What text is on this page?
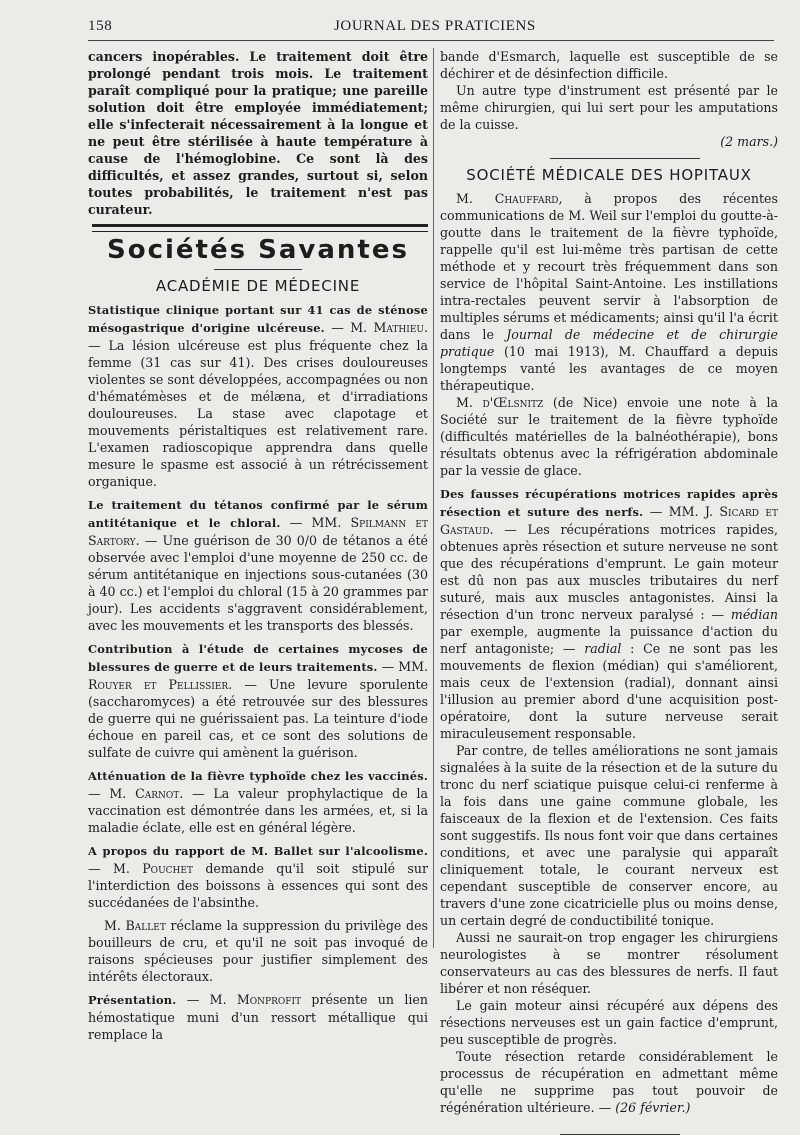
158	JOURNAL DES PRATICIENS

cancers inopérables. Le traitement doit être prolongé pendant trois mois. Le traitement paraît compliqué pour la pratique; une pareille solution doit être employée immédiatement; elle s'infecterait nécessairement à la longue et ne peut être stérilisée à haute température à cause de l'hémoglobine. Ce sont là des difficultés, et assez grandes, surtout si, selon toutes probabilités, le traitement n'est pas curateur.

Sociétés Savantes
ACADÉMIE DE MÉDECINE

Statistique clinique portant sur 41 cas de sténose mésogastrique d'origine ulcéreuse. — M. Mathieu. — La lésion ulcéreuse est plus fréquente chez la femme (31 cas sur 41). Des crises douloureuses violentes se sont développées, accompagnées ou non d'hématémèses et de mélæna, et d'irradiations douloureuses. La stase avec clapotage et mouvements péristaltiques est relativement rare. L'examen radioscopique apprendra dans quelle mesure le spasme est associé à un rétrécissement organique.

Le traitement du tétanos confirmé par le sérum antitétanique et le chloral. — MM. Spilmann et Sartory. — Une guérison de 30 0/0 de tétanos a été observée avec l'emploi d'une moyenne de 250 cc. de sérum antitétanique en injections sous-cutanées (30 à 40 cc.) et l'emploi du chloral (15 à 20 grammes par jour). Les accidents s'aggravent considérablement, avec les mouvements et les transports des blessés.

Contribution à l'étude de certaines mycoses de blessures de guerre et de leurs traitements. — MM. Rouyer et Pellissier. — Une levure sporulente (saccharomyces) a été retrouvée sur des blessures de guerre qui ne guérissaient pas. La teinture d'iode échoue en pareil cas, et ce sont des solutions de sulfate de cuivre qui amènent la guérison.

Atténuation de la fièvre typhoïde chez les vaccinés. — M. Carnot. — La valeur prophylactique de la vaccination est démontrée dans les armées, et, si la maladie éclate, elle est en général légère.

A propos du rapport de M. Ballet sur l'alcoolisme. — M. Pouchet demande qu'il soit stipulé sur l'interdiction des boissons à essences qui sont des succédanées de l'absinthe.

M. Ballet réclame la suppression du privilège des bouilleurs de cru, et qu'il ne soit pas invoqué de raisons spécieuses pour justifier simplement des intérêts électoraux.

Présentation. — M. Monprofit présente un lien hémostatique muni d'un ressort métallique qui remplace la

bande d'Esmarch, laquelle est susceptible de se déchirer et de désinfection difficile.

Un autre type d'instrument est présenté par le même chirurgien, qui lui sert pour les amputations de la cuisse.

(2 mars.)

SOCIÉTÉ MÉDICALE DES HOPITAUX

M. Chauffard, à propos des récentes communications de M. Weil sur l'emploi du goutte-à-goutte dans le traitement de la fièvre typhoïde, rappelle qu'il est lui-même très partisan de cette méthode et y recourt très fréquemment dans son service de l'hôpital Saint-Antoine. Les instillations intra-rectales peuvent servir à l'absorption de multiples sérums et médicaments; ainsi qu'il l'a écrit dans le Journal de médecine et de chirurgie pratique (10 mai 1913), M. Chauffard a depuis longtemps vanté les avantages de ce moyen thérapeutique.

M. d'Œlsnitz (de Nice) envoie une note à la Société sur le traitement de la fièvre typhoïde (difficultés matérielles de la balnéothérapie), bons résultats obtenus avec la réfrigération abdominale par la vessie de glace.

Des fausses récupérations motrices rapides après résection et suture des nerfs. — MM. J. Sicard et Gastaud. — Les récupérations motrices rapides, obtenues après résection et suture nerveuse ne sont que des récupérations d'emprunt. Le gain moteur est dû non pas aux muscles tributaires du nerf suturé, mais aux muscles antagonistes. Ainsi la résection d'un tronc nerveux paralysé : — médian par exemple, augmente la puissance d'action du nerf antagoniste; — radial : Ce ne sont pas les mouvements de flexion (médian) qui s'améliorent, mais ceux de l'extension (radial), donnant ainsi l'illusion au premier abord d'une acquisition post-opératoire, dont la suture nerveuse serait miraculeusement responsable.

Par contre, de telles améliorations ne sont jamais signalées à la suite de la résection et de la suture du tronc du nerf sciatique puisque celui-ci renferme à la fois dans une gaine commune globale, les faisceaux de la flexion et de l'extension. Ces faits sont suggestifs. Ils nous font voir que dans certaines conditions, et avec une paralysie qui apparaît cliniquement totale, le courant nerveux est cependant susceptible de conserver encore, au travers d'une zone cicatricielle plus ou moins dense, un certain degré de conductibilité tonique.

Aussi ne saurait-on trop engager les chirurgiens neurologistes à se montrer résolument conservateurs au cas des blessures de nerfs. Il faut libérer et non réséquer.

Le gain moteur ainsi récupéré aux dépens des résections nerveuses est un gain factice d'emprunt, peu susceptible de progrès.

Toute résection retarde considérablement le processus de récupération en admettant même qu'elle ne supprime pas tout pouvoir de régénération ultérieure. — (26 février.)
